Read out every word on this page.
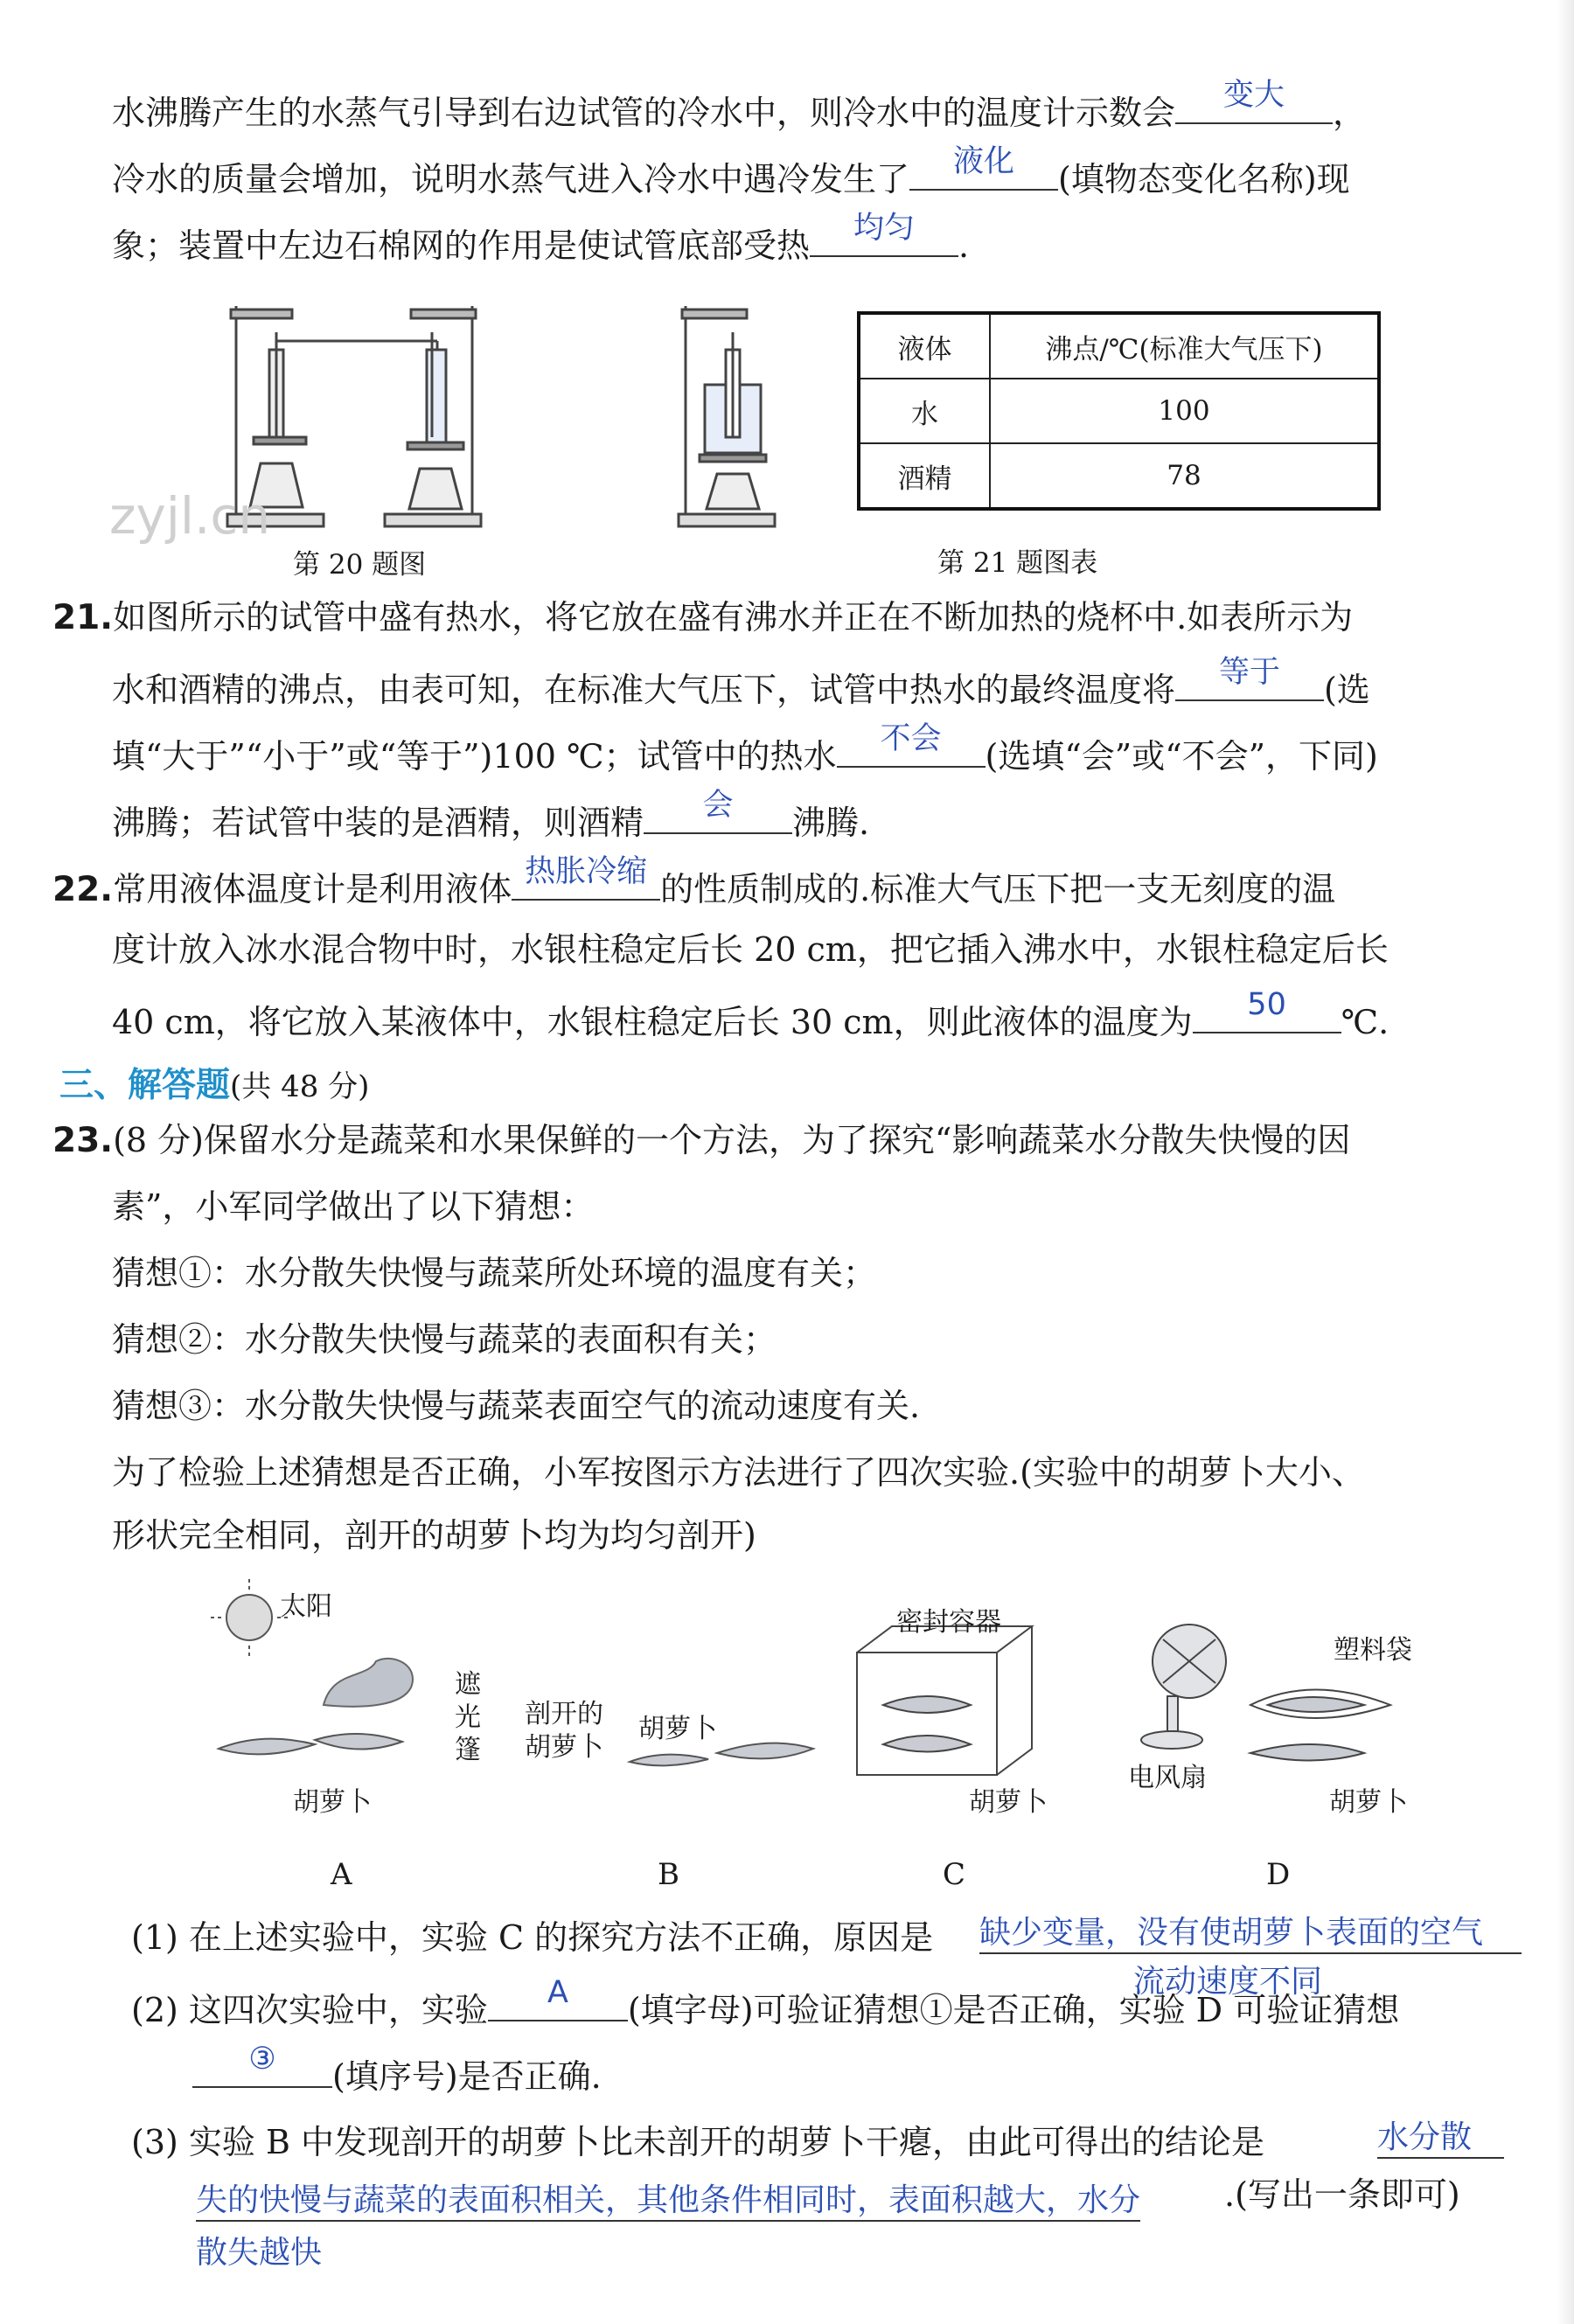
水沸腾产生的水蒸气引导到右边试管的冷水中，则冷水中的温度计示数会	变大	，
冷水的质量会增加，说明水蒸气进入冷水中遇冷发生了	液化	(填物态变化名称)现
象；装置中左边石棉网的作用是使试管底部受热	均匀	.
zyjl.cn
第 20 题图
液体	沸点/℃(标准大气压下)
水	100
酒精	78
第 21 题图表
21.如图所示的试管中盛有热水，将它放在盛有沸水并正在不断加热的烧杯中.如表所示为
水和酒精的沸点，由表可知，在标准大气压下，试管中热水的最终温度将	等于	(选
填“大于”“小于”或“等于”)100 ℃；试管中的热水	不会	(选填“会”或“不会”，下同)
沸腾；若试管中装的是酒精，则酒精	会	沸腾.
22.常用液体温度计是利用液体 热胀冷缩 的性质制成的.标准大气压下把一支无刻度的温
度计放入冰水混合物中时，水银柱稳定后长 20 cm，把它插入沸水中，水银柱稳定后长
40 cm，将它放入某液体中，水银柱稳定后长 30 cm，则此液体的温度为	50	℃.
三、解答题(共 48 分)
23.(8 分)保留水分是蔬菜和水果保鲜的一个方法，为了探究“影响蔬菜水分散失快慢的因
素”，小军同学做出了以下猜想：
猜想①：水分散失快慢与蔬菜所处环境的温度有关；
猜想②：水分散失快慢与蔬菜的表面积有关；
猜想③：水分散失快慢与蔬菜表面空气的流动速度有关.
为了检验上述猜想是否正确，小军按图示方法进行了四次实验.(实验中的胡萝卜大小、
形状完全相同，剖开的胡萝卜均为均匀剖开)
太阳
遮
光
篷
胡萝卜
剖开的
胡萝卜
胡萝卜
密封容器
胡萝卜
塑料袋
电风扇
胡萝卜
A	B	C	D
(1) 在上述实验中，实验 C 的探究方法不正确，原因是 缺少变量，没有使胡萝卜表面的空气
流动速度不同
(2) 这四次实验中，实验	A	(填字母)可验证猜想①是否正确，实验 D 可验证猜想
③	(填序号)是否正确.
(3) 实验 B 中发现剖开的胡萝卜比未剖开的胡萝卜干瘪，由此可得出的结论是	水分散
失的快慢与蔬菜的表面积相关，其他条件相同时，表面积越大，水分	.(写出一条即可)
散失越快
